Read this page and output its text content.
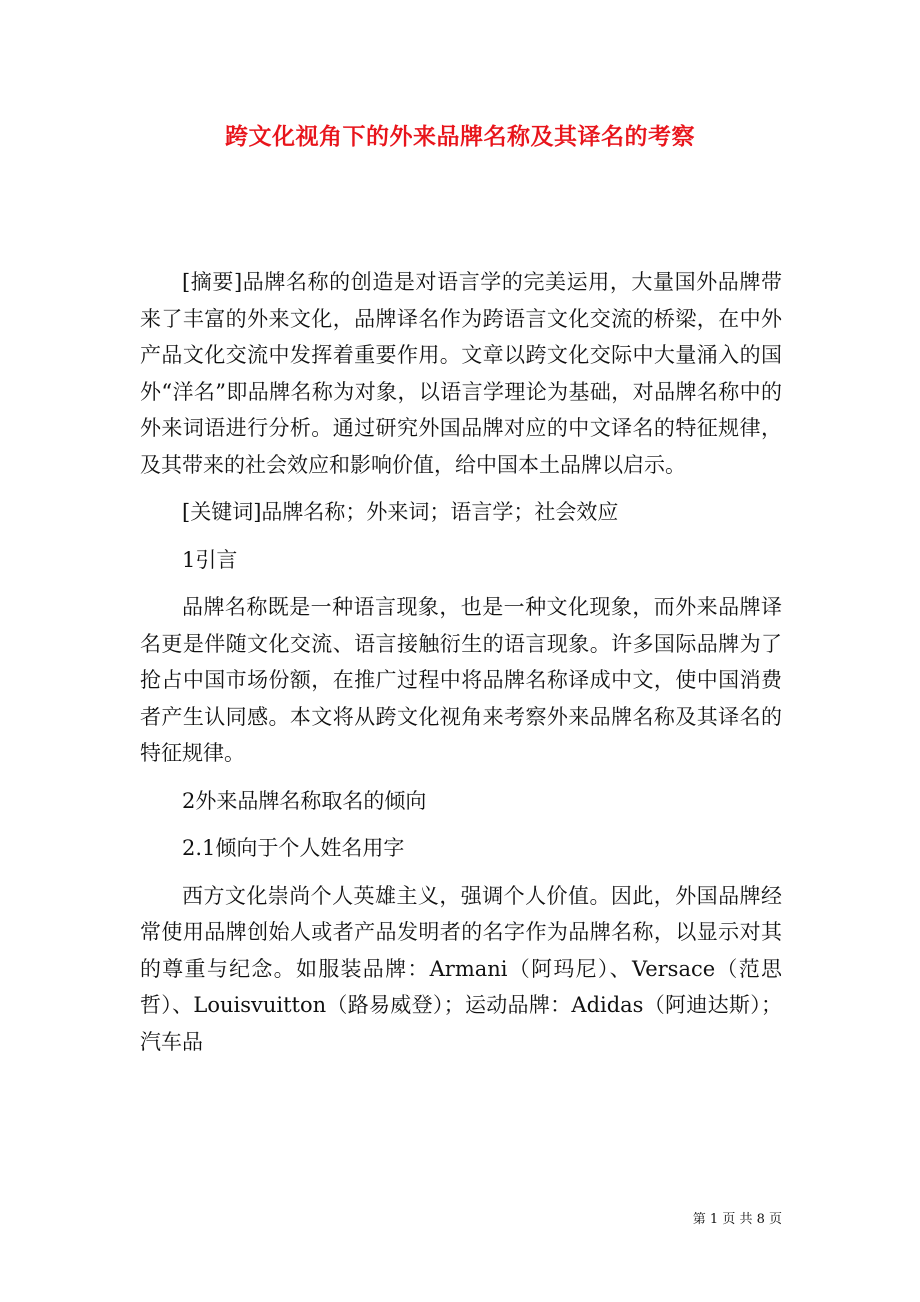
跨文化视角下的外来品牌名称及其译名的考察

[摘要]品牌名称的创造是对语言学的完美运用，大量国外品牌带来了丰富的外来文化，品牌译名作为跨语言文化交流的桥梁，在中外产品文化交流中发挥着重要作用。文章以跨文化交际中大量涌入的国外“洋名”即品牌名称为对象，以语言学理论为基础，对品牌名称中的外来词语进行分析。通过研究外国品牌对应的中文译名的特征规律，及其带来的社会效应和影响价值，给中国本土品牌以启示。

[关键词]品牌名称；外来词；语言学；社会效应

1引言

品牌名称既是一种语言现象，也是一种文化现象，而外来品牌译名更是伴随文化交流、语言接触衍生的语言现象。许多国际品牌为了抢占中国市场份额，在推广过程中将品牌名称译成中文，使中国消费者产生认同感。本文将从跨文化视角来考察外来品牌名称及其译名的特征规律。

2外来品牌名称取名的倾向

2.1倾向于个人姓名用字

西方文化崇尚个人英雄主义，强调个人价值。因此，外国品牌经常使用品牌创始人或者产品发明者的名字作为品牌名称，以显示对其的尊重与纪念。如服装品牌：Armani（阿玛尼）、Versace（范思哲）、Louisvuitton（路易威登）；运动品牌：Adidas（阿迪达斯）；汽车品

第 1 页 共 8 页
